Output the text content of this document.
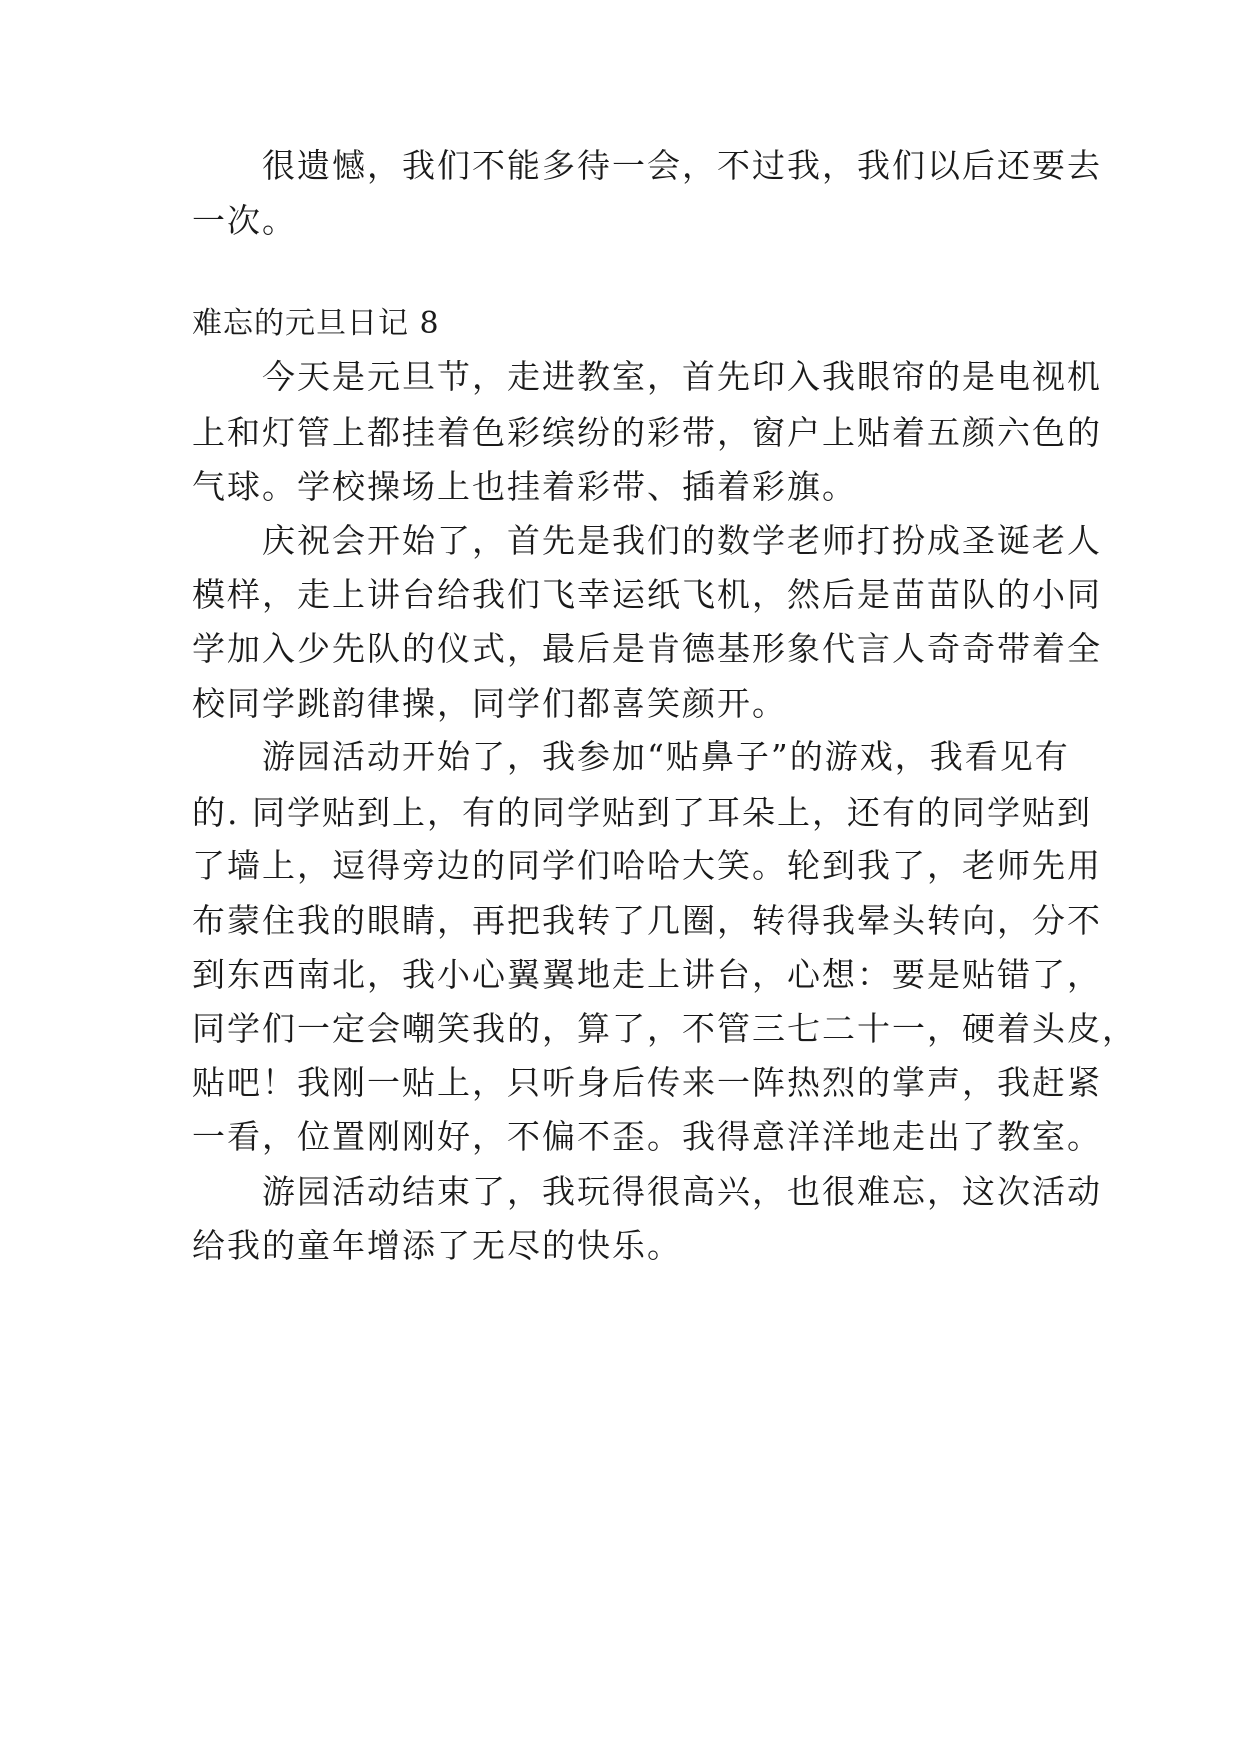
很遗憾，我们不能多待一会，不过我，我们以后还要去
一次。
难忘的元旦日记 8
今天是元旦节，走进教室，首先印入我眼帘的是电视机
上和灯管上都挂着色彩缤纷的彩带，窗户上贴着五颜六色的
气球。学校操场上也挂着彩带、插着彩旗。
庆祝会开始了，首先是我们的数学老师打扮成圣诞老人
模样，走上讲台给我们飞幸运纸飞机，然后是苗苗队的小同
学加入少先队的仪式，最后是肯德基形象代言人奇奇带着全
校同学跳韵律操，同学们都喜笑颜开。
游园活动开始了，我参加“贴鼻子”的游戏，我看见有
的. 同学贴到上，有的同学贴到了耳朵上，还有的同学贴到
了墙上，逗得旁边的同学们哈哈大笑。轮到我了，老师先用
布蒙住我的眼睛，再把我转了几圈，转得我晕头转向，分不
到东西南北，我小心翼翼地走上讲台，心想：要是贴错了，
同学们一定会嘲笑我的，算了，不管三七二十一，硬着头皮，
贴吧！我刚一贴上，只听身后传来一阵热烈的掌声，我赶紧
一看，位置刚刚好，不偏不歪。我得意洋洋地走出了教室。
游园活动结束了，我玩得很高兴，也很难忘，这次活动
给我的童年增添了无尽的快乐。
